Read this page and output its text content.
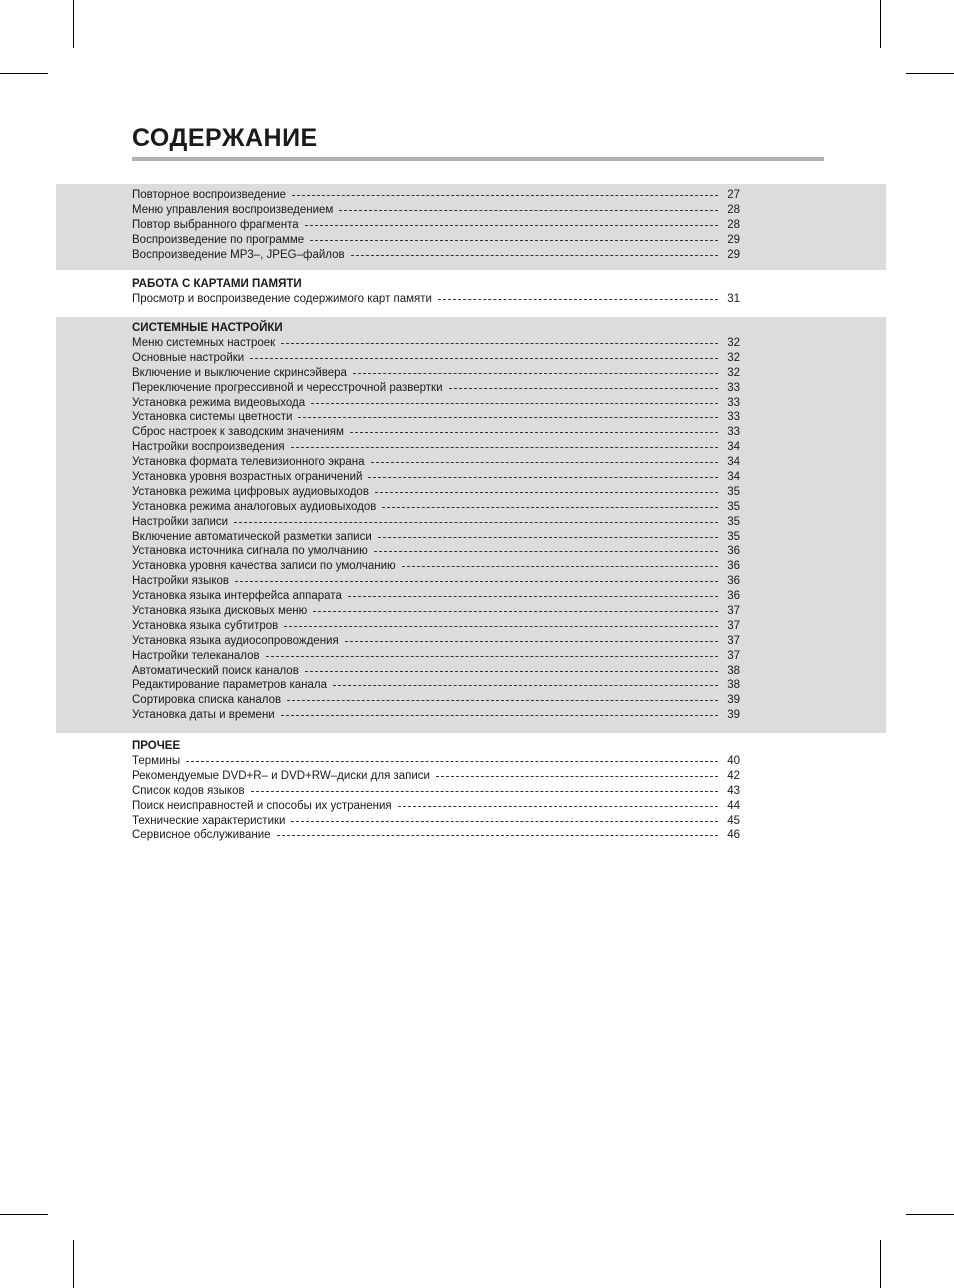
СОДЕРЖАНИЕ
Повторное воспроизведение	27
Меню управления воспроизведением	28
Повтор выбранного фрагмента	28
Воспроизведение по программе	29
Воспроизведение MP3–, JPEG–файлов	29
РАБОТА С КАРТАМИ ПАМЯТИ
Просмотр и воспроизведение содержимого карт памяти	31
СИСТЕМНЫЕ НАСТРОЙКИ
Меню системных настроек	32
Основные настройки	32
Включение и выключение скринсэйвера	32
Переключение прогрессивной и чересстрочной развертки	33
Установка режима видеовыхода	33
Установка системы цветности	33
Сброс настроек к заводским значениям	33
Настройки воспроизведения	34
Установка формата телевизионного экрана	34
Установка уровня возрастных ограничений	34
Установка режима цифровых аудиовыходов	35
Установка режима аналоговых аудиовыходов	35
Настройки записи	35
Включение автоматической разметки записи	35
Установка источника сигнала по умолчанию	36
Установка уровня качества записи по умолчанию	36
Настройки языков	36
Установка языка интерфейса аппарата	36
Установка языка дисковых меню	37
Установка языка субтитров	37
Установка языка аудиосопровождения	37
Настройки телеканалов	37
Автоматический поиск каналов	38
Редактирование параметров канала	38
Сортировка списка каналов	39
Установка даты и времени	39
ПРОЧЕЕ
Термины	40
Рекомендуемые DVD+R– и DVD+RW–диски для записи	42
Список кодов языков	43
Поиск неисправностей и способы их устранения	44
Технические характеристики	45
Сервисное обслуживание	46
